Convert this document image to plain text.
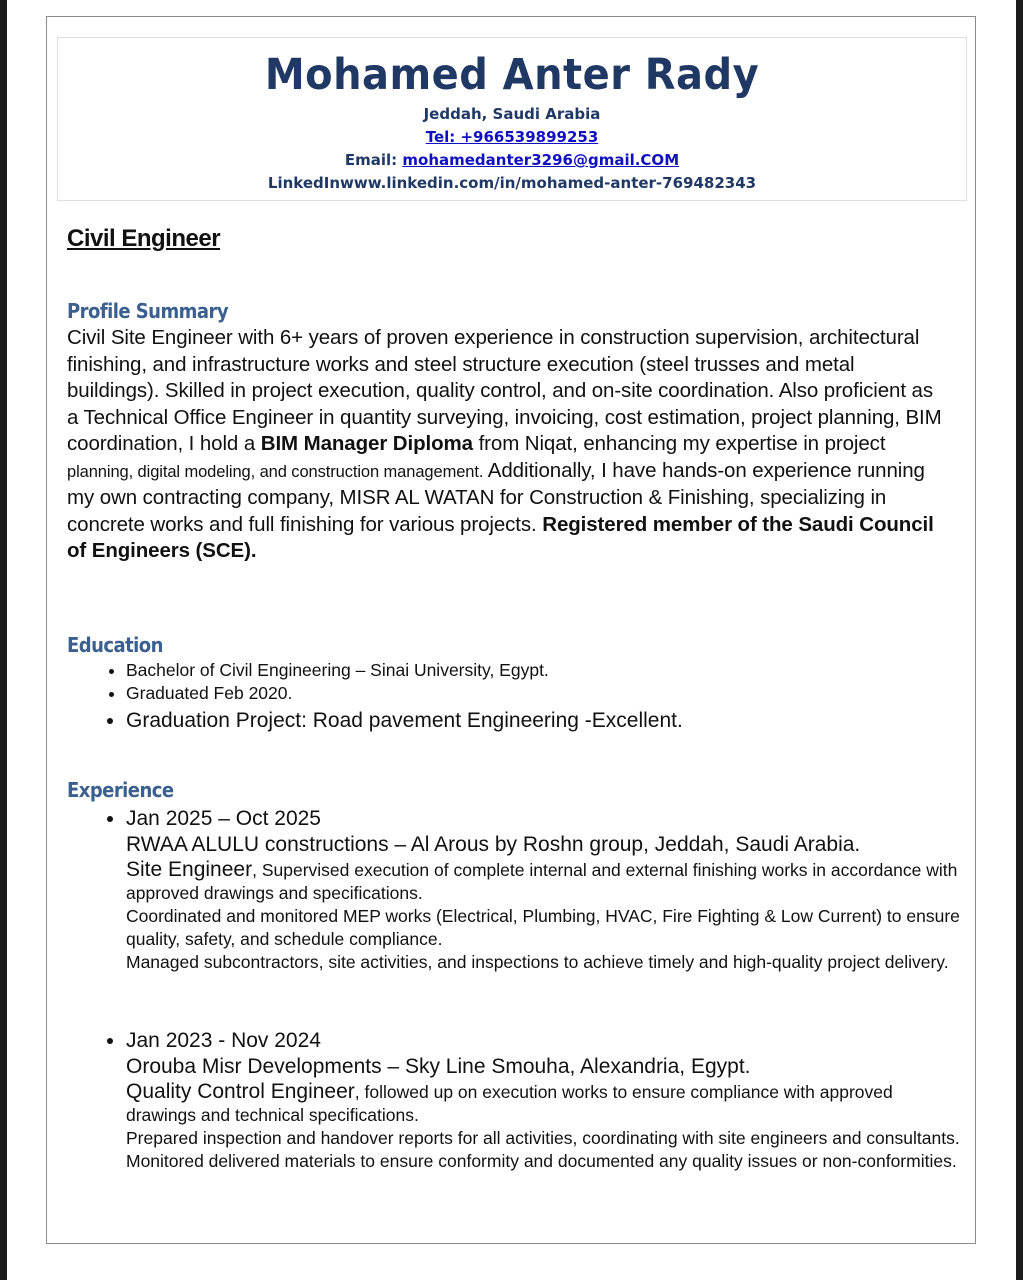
Mohamed Anter Rady
Jeddah, Saudi Arabia
Tel: +966539899253
Email: mohamedanter3296@gmail.COM
LinkedInwww.linkedin.com/in/mohamed-anter-769482343
Civil Engineer
Profile Summary
Civil Site Engineer with 6+ years of proven experience in construction supervision, architectural finishing, and infrastructure works and steel structure execution (steel trusses and metal buildings). Skilled in project execution, quality control, and on-site coordination. Also proficient as a Technical Office Engineer in quantity surveying, invoicing, cost estimation, project planning, BIM coordination, I hold a BIM Manager Diploma from Niqat, enhancing my expertise in project planning, digital modeling, and construction management. Additionally, I have hands-on experience running my own contracting company, MISR AL WATAN for Construction & Finishing, specializing in concrete works and full finishing for various projects. Registered member of the Saudi Council of Engineers (SCE).
Education
• Bachelor of Civil Engineering – Sinai University, Egypt.
• Graduated Feb 2020.
• Graduation Project: Road pavement Engineering -Excellent.
Experience
• Jan 2025 – Oct 2025
RWAA ALULU constructions – Al Arous by Roshn group, Jeddah, Saudi Arabia.
Site Engineer, Supervised execution of complete internal and external finishing works in accordance with approved drawings and specifications.
Coordinated and monitored MEP works (Electrical, Plumbing, HVAC, Fire Fighting & Low Current) to ensure quality, safety, and schedule compliance.
Managed subcontractors, site activities, and inspections to achieve timely and high-quality project delivery.
• Jan 2023 - Nov 2024
Orouba Misr Developments – Sky Line Smouha, Alexandria, Egypt.
Quality Control Engineer, followed up on execution works to ensure compliance with approved drawings and technical specifications.
Prepared inspection and handover reports for all activities, coordinating with site engineers and consultants.
Monitored delivered materials to ensure conformity and documented any quality issues or non-conformities.
